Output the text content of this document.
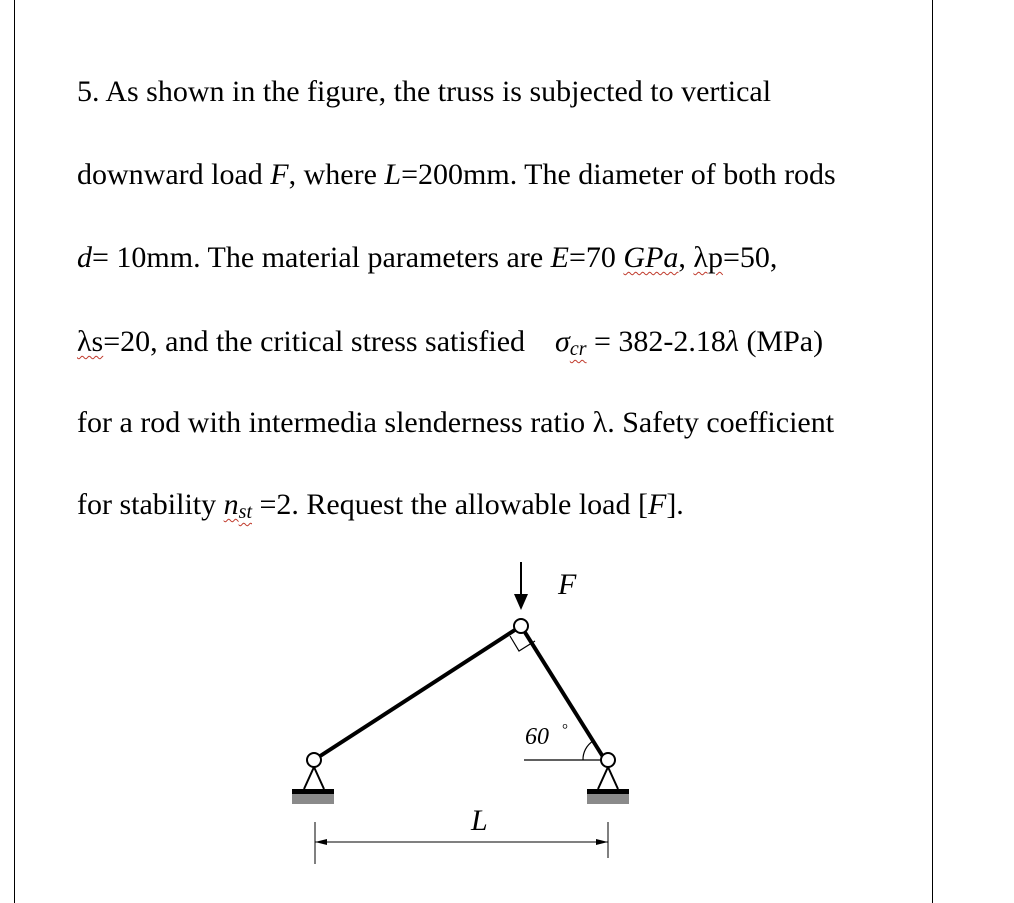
5. As shown in the figure, the truss is subjected to vertical
downward load F, where L=200mm. The diameter of both rods
d= 10mm. The material parameters are E=70 GPa, λp=50,
λs=20, and the critical stress satisfied $\sigma_{cr} = 382-2.18\lambda$ (MPa)
for a rod with intermedia slenderness ratio λ. Safety coefficient
for stability $n_{st} =2$. Request the allowable load [F].
F
60 °
L
